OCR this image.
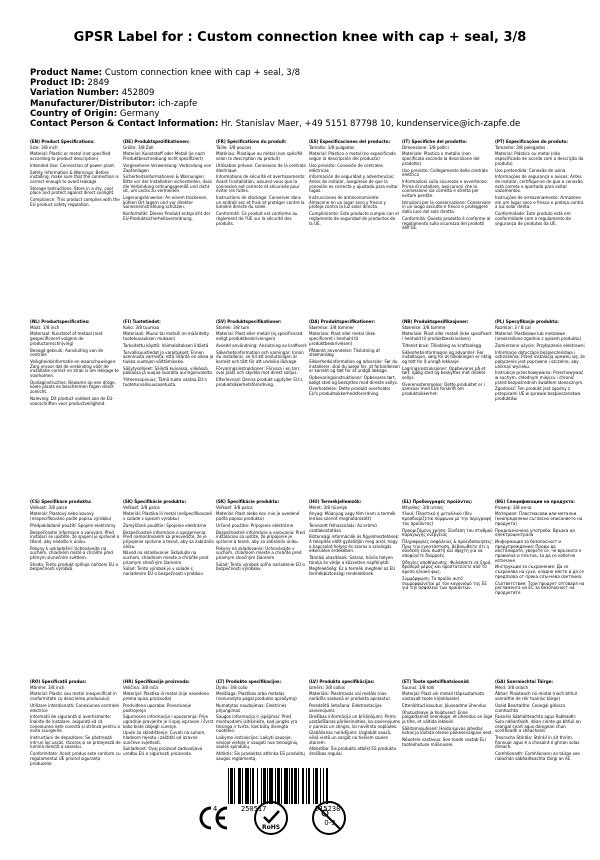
GPSR Label for : Custom connection knee with cap + seal, 3/8
Product Name: Custom connection knee with cap + seal, 3/8
Product ID: 2849
Variation Number: 452809
Manufacturer/Distributor: ich-zapfe
Country of Origin: Germany
Contact Person & Contact Information: Hr. Stanislav Maer, +49 5151 87798 10, kundenservice@ich-zapfe.de
(EN) Product Specifications:
Size: 3/8 inch
Material: Plastic or metal (not specified according to product description)
Intended Use: Connection of power plant.
Safety Information & Warnings: Before installing, make sure that the connection is correct enough to avoid leakage.
Storage Instructions: Store in a dry, cool place and protect against direct sunlight.
Compliance: This product complies with the EU product safety regulation.
(DE) Produktspezifikationen:
Größe: 3/8 Zoll
Material: Kunststoff oder Metall (je nach Produktbeschreibung nicht spezifiziert)
Vorgesehene Verwendung: Verbindung von Zapfanlagen
Sicherheitsinformationen & Warnungen: Bitte vor der Installation sicherstellen, dass die Verbindung ordnungsgemäß und dicht ist, um Lecks zu vermeiden.
Lagerungshinweise: An einem trockenen, kühlen Ort lagern und vor direkter Sonneneinstrahlung schützen.
Konformität: Dieses Produkt entspricht der EU-Produktsicherheitsverordnung.
(FR) Spécifications du produit:
Taille: 3/8 pouces
Matériau: Plastique ou métal (non spécifié selon la description du produit)
Utilisation prévue: Connexion de la centrale électrique
Informations de sécurité et avertissements: Avant l'installation, assurez-vous que la connexion est correcte et sécurisée pour éviter les fuites.
Instructions de stockage: Conserver dans un endroit sec et frais et protéger contre la lumière directe du soleil.
Conformité: Ce produit est conforme au règlement de l'UE sur la sécurité des produits.
(ES) Especificaciones del producto:
Tamaño: 3/8 pulgadas
Material: Plástico o metal (no especificado según la descripción del producto)
Uso previsto: Conexión de centrales eléctricas
Información de seguridad y advertencias: Antes de instalar, asegúrese de que la conexión es correcta y ajustada para evitar fugas.
Instrucciones de almacenamiento: Almacene en un lugar seco y fresco y proteja contra la luz solar directa.
Cumplimiento: Este producto cumple con el reglamento de seguridad de productos de la UE.
(IT) Specifiche del prodotto:
Dimensione: 3/8 pollici
Materiale: Plastica o metallo (non specificato secondo la descrizione del prodotto)
Uso previsto: Collegamento della centrale elettrica
Informazioni sulla sicurezza e avvertenze: Prima di installare, assicurarsi che la connessione sia corretta e stretta per evitare perdite.
Istruzioni per la conservazione: Conservare in un luogo asciutto e fresco e proteggere dalla luce del sole diretta.
Conformità: Questo prodotto è conforme al regolamento sulla sicurezza dei prodotti dell'UE.
(PT) Especificações do produto:
Tamanho: 3/8 polegadas
Material: Plástico ou metal (não especificado de acordo com a descrição do produto)
Uso pretendido: Conexão de usina
Informações de segurança e avisos: Antes de instalar, certifique-se de que a conexão está correta e apertada para evitar vazamentos.
Instruções de armazenamento: Armazene em um lugar seco e fresco e proteja contra a luz solar direta.
Conformidade: Este produto está em conformidade com o regulamento de segurança de produtos da UE.
(NL) Productspecificaties:
Maat: 3/8 inch
Materiaal: Kunststof of metaal (niet gespecificeerd volgens de productomschrijving)
Beoogd gebruik: Aansluiting van de centrale
Veiligheidsinformatie en waarschuwingen: Zorg ervoor dat de verbinding vóór de installatie correct en strak is om lekkage te voorkomen.
Opslaginstructies: Bewaren op een droge, koele plaats en beschermen tegen direct zonlicht.
Naleving: Dit product voldoet aan de EU-voorschriften voor productveiligheid.
(FI) Tuotetiedot:
Koko: 3/8 tuumaa
Materiaali: Muovi tai metalli (ei määritelty tuotekuvauksen mukaan)
Tarkoitettu käyttö: Voimalaitoksen liitäntä
Turvallisuustiedot ja varoitukset: Ennen asennusta varmista, että liitäntä on oikea ja tiukka vuotojen välttämiseksi.
Säilytysohjeet: Säilytä kuivassa, viileässä paikassa ja suojaa suoralta auringonvalolta.
Yhteensopivuus: Tämä tuote vastaa EU:n tuoteturvallisuusasetusta.
(SV) Produktspecifikationer:
Storlek: 3/8 tum
Material: Plast eller metall (ej specificerad enligt produktbeskrivningen)
Avsedd användning: Anslutning av kraftverk
Säkerhetsinformation och varningar: Innan du installerar, se till att anslutningen är korrekt och tätt för att undvika läckage.
Förvaringsinstruktioner: Förvara i en torr, sval plats och skydda mot direkt solljus.
Efterlevnad: Denna produkt uppfyller EU:s produktsäkerhetsförordning.
(DA) Produktspecifikationer:
Størrelse: 3/8 tommer
Materiale: Plast eller metal (ikke specificeret i henhold til produktbeskrivelsen)
Påtænkt anvendelse: Tilslutning af strømanlæg
Sikkerhedsinformation og advarsler: Før du installerer, skal du sørge for, at forbindelsen er korrekt og tæt for at undgå lækage.
Opbevaringsinstruktioner: Opbevares tørt, køligt sted og beskyttes mod direkte sollys.
Overholdelse: Dette produkt overholder EU's produktsikkerhedsforordning.
(NB) Produktspesifikasjoner:
Størrelse: 3/8 tomme
Materiale: Plast eller metall (ikke spesifisert i henhold til produktbeskrivelsen)
Tiltenkt bruk: Tilkobling av kraftanlegg
Sikkerhetsinformasjon og advarsler: Før installasjon, sørg for at tilkoblingen er riktig og tett for å unngå lekkasje.
Lagringsinstruksjoner: Oppbevares på et tørt, kjølig sted og beskyttes mot direkte sollys.
Overensstemmelse: Dette produktet er i samsvar med EUs forskrift om produktsikkerhet.
(PL) Specyfikacje produktu:
Rozmiar: 3 / 8 cal
Materiał: Plastikowe lub metalowe (nieokreślone zgodnie z opisem produktu)
Zamierzone użycie: Przyłączenie elektrowni
Informacje dotyczące bezpieczeństwa i ostrzeżenia: Przed instalacją upewnij się, że połączenie jest poprawne i szczelne, aby uniknąć wycieku.
Instrukcje przechowywania: Przechowywać w suchym, chłodnym miejscu i chronić przed bezpośrednim światłem słonecznym.
Zgodność: Ten produkt jest zgodny z przepisami UE w sprawie bezpieczeństwa produktów.
(CS) Specifikace produktu:
Velikost: 3/8 palce
Materiál: Plastový nebo kovový (nespecifikováno podle popisu výrobku)
Předpokládané použití: Spojení elektrárny
Bezpečnostní informace a varování: Před instalací se ujistěte, že spojení je správné a těsné, aby nedošlo k úniku.
Pokyny k uskladnění: Uchovávejte na suchém, chladném místě a chraňte před přímým slunečním světlem.
Shoda: Tento produkt splňuje nařízení EU o bezpečnosti výrobků.
(SK) Špecifikácie produktu:
Veľkosť: 3/8 palca
Materiál: Plastika ili metal (nešpecifikované v súlade s opisom výrobku)
Zamýšľané použitie: Spojenie elektrárne
Bezpečnostné informácie a upozornenia: Pred namontovaním sa presvedčte, že je pripojenie správne a tesné, aby sa zabránilo úniku.
Návod na skladovanie: Skladujte na suchom, chladnom mieste a chráňte pred priamym slnečným žiarením.
Súlad: Tento výrobok je v súlade s nariadením EÚ o bezpečnosti výrobkov.
(SK) Špecifikácie produktu:
Veľkosť: 3/8 palca
Materiál: Plast alebo kov (nie je uvedené podľa popisu produktu)
Určené použitie: Pripojenie elektrárne
Bezpečnostné informácie a varovania: Pred inštaláciou sa uistite, že pripojenie je správne a tesné, aby sa zabránilo úniku.
Pokyny na skladovanie: Uchovávajte v suchom, chladnom mieste a chráňte pred priamym slnečným žiarením.
Súlad: Tento výrobok spĺňa nariadenie EÚ o bezpečnosti výrobkov.
(HU) Termékjellemzők:
Méret: 3/8 hüvelyk
Anyag: Műanyag vagy fém (nem a termék leírása szerint meghatározott)
Tervezett felhasználás: Az erőmű csatlakoztatása
Biztonsági információk és figyelmeztetések: A telepítés előtt győződjön meg arról, hogy a kapcsolat helyes és szoros a szivárgás elkerülése érdekében.
Tárolási utasítások: Száraz, hűvös helyen tárolja és védje a közvetlen napfénytől.
Megfelelőség: Ez a termék megfelel az EU termékbiztonsági rendeletének.
(EL) Προδιαγραφές προϊόντος:
Μέγεθος: 3/8 ίντσες
Υλικό: Πλαστικό ή μεταλλικό (δεν προσδιορίζεται σύμφωνα με την περιγραφή του προϊόντος)
Προοριζόμενη χρήση: Σύνδεση του σταθμού παραγωγής ενέργειας
Πληροφορίες ασφάλειας & προειδοποιήσεις: Πριν την εγκατάσταση, βεβαιωθείτε ότι η σύνδεση είναι σωστή και σφιχτή για να αποφύγετε διαρροές.
Οδηγίες αποθήκευσης: Φυλάσσετε σε ξηρό, δροσερό μέρος και προστατεύετε από το άμεσο ηλιακό φως.
Συμμόρφωση: Το προϊόν αυτό συμμορφώνεται με τον κανονισμό της ΕΕ για την ασφάλεια των προϊόντων.
(BG) Спецификации на продукта:
Размер: 3/8 инча
Материал: Пластмасови или метални (неопределени съгласно описанието на продукта)
Предназначена употреба: Връзка на електроцентрала
Информация за безопасност и предупреждения: Преди да инсталирате, уверете се, че връзката е правилна и плътна, за да се избегне изтичане.
Инструкции за съхранение: Да се съхранява на сухо, хладно място и да се предпазва от пряка слънчева светлина.
Съответствие: Този продукт отговаря на регламента на ЕС за безопасност на продуктите.
(RO) Specificații produs:
Mărime: 3/8 inch
Material: Plastic sau metal (nespecificat în conformitate cu descrierea produsului)
Utilizare intenționată: Conexiunea centralei electrice
Informații de siguranță și avertismente: Înainte de instalare, asigurați-vă că conexiunea este corectă și strânsă pentru a evita scurgerile.
Instrucțiuni de depozitare: Se păstrează într-un loc uscat, răcoros și se protejează de lumina directă a soarelui.
Conformitate: Acest produs este conform cu regulamentul UE privind siguranța produselor.
(HR) Specifikacije proizvoda:
Veličina: 3/8 inča
Materijal: Plastika ili metal (nije navedeno prema opisu proizvoda)
Predviđena uporaba: Povezivanje postrojenja
Sigurnosne informacije i upozorenja: Prije ugradnje provjerite je li spoj ispravan i čvrst kako biste izbjegli curenje.
Upute za skladištenje: Čuvati na suhom, hladnom mjestu i zaštititi od izravne sunčeve svjetlosti.
Sukladnost: Ovaj proizvod zadovoljava uredbu EU o sigurnosti proizvoda.
(LT) Produkto specifikacijos:
Dydis: 3/8 colio
Medžiaga: Plastikas arba metalas (nenurodyta pagal produkto aprašymą)
Numatytas naudojimas: Elektrinės prijungimas
Saugos informacija ir įspėjimai: Prieš montuodami įsitikinkite, kad jungtis yra teisinga ir tvirta, kad būtų išvengta nuotėkio.
Laikymo instrukcijos: Laikyti sausoje, vėsioje vietoje ir saugoti nuo tiesioginių saulės spindulių.
Atitiktis: Šis produktas atitinka ES produktų saugos reglamentą.
(LV) Produkta specifikācijas:
Izmērs: 3/8 collas
Materiāls: Plastmasas vai metāls (nav norādīts saskaņā ar produkta aprakstu)
Paredzētā lietošana: Elektrostacijas savienojums
Drošības informācija un brīdinājumi: Pirms uzstādīšanas pārliecinieties, ka savienojums ir pareizs un stingrs, lai novērstu noplūdes.
Glabāšanas norādījumi: Uzglabāt sausā, vēsā vietā un sargāt no tiešiem saules stariem.
Atbilstība: Šis produkts atbilst ES produktu drošības regulai.
(ET) Toote spetsifikatsioonid:
Suurus: 3/8 tolli
Materjal: Plast või metall (täpsustamata vastavalt toote kirjeldusele)
Ettenähtud kasutus: Jõuseadme ühendus
Ohutusteave ja hoiatused: Enne paigaldamist veenduge, et ühendus on õige ja tihe, et vältida lekkeid.
Säilitamisjuhised: Hoida kuivas jahedas kohas ja kaitsta otsese päikesevalguse eest.
Nõuetele vastavus: See toode vastab ELi tooteohutuse määrusele.
(GA) Sonraíochtaí Táirge:
Méid: 3/8 orlach
Ábhar: Plaisteach nó miotal (nach bhfuil sonraithe de réir tuairisc táirge)
Úsáid Beartaithe: Ceangal gléasra cumhachta
Faisnéis Sábháilteachta agus Rabhaidh: Sula ndéanfaidh, déan cinnte go bhfuil an ceangal ceart agus daingean chun sceitheadh a sheachaint.
Treoracha Stórála: Stóráil in áit thirim, fionnuar agus é a chosaint ó ghrian solas díreach.
Comhlíonadh: Comhlíonann an táirge seo rialachán sábháilteachta táirgí an AE.
4	250517	515238
RoHS
0-3
